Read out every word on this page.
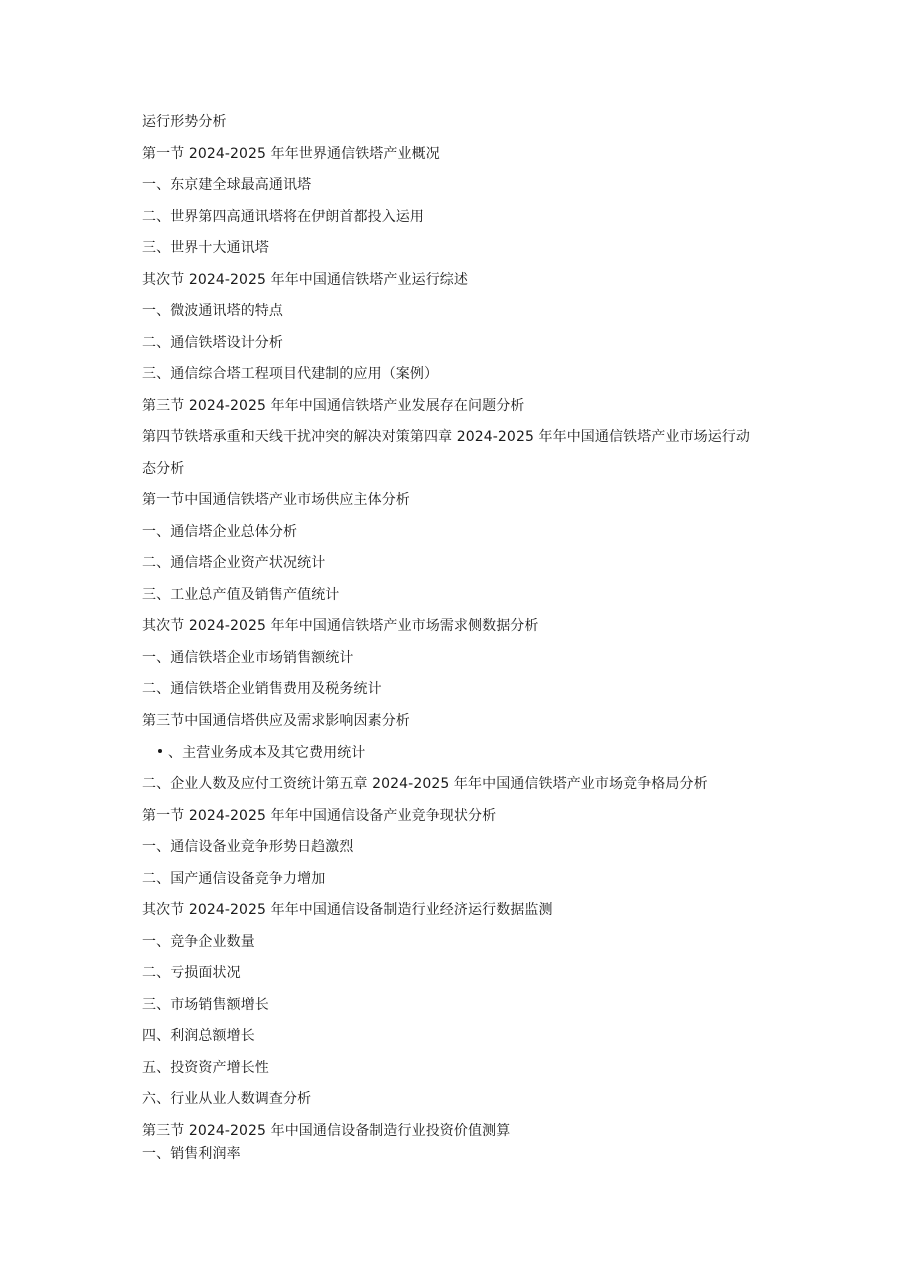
运行形势分析
第一节 2024-2025 年年世界通信铁塔产业概况
一、东京建全球最高通讯塔
二、世界第四高通讯塔将在伊朗首都投入运用
三、世界十大通讯塔
其次节 2024-2025 年年中国通信铁塔产业运行综述
一、微波通讯塔的特点
二、通信铁塔设计分析
三、通信综合塔工程项目代建制的应用（案例）
第三节 2024-2025 年年中国通信铁塔产业发展存在问题分析
第四节铁塔承重和天线干扰冲突的解决对策第四章 2024-2025 年年中国通信铁塔产业市场运行动
态分析
第一节中国通信铁塔产业市场供应主体分析
一、通信塔企业总体分析
二、通信塔企业资产状况统计
三、工业总产值及销售产值统计
其次节 2024-2025 年年中国通信铁塔产业市场需求侧数据分析
一、通信铁塔企业市场销售额统计
二、通信铁塔企业销售费用及税务统计
第三节中国通信塔供应及需求影响因素分析
、主营业务成本及其它费用统计
二、企业人数及应付工资统计第五章 2024-2025 年年中国通信铁塔产业市场竞争格局分析
第一节 2024-2025 年年中国通信设备产业竞争现状分析
一、通信设备业竞争形势日趋激烈
二、国产通信设备竞争力增加
其次节 2024-2025 年年中国通信设备制造行业经济运行数据监测
一、竞争企业数量
二、亏损面状况
三、市场销售额增长
四、利润总额增长
五、投资资产增长性
六、行业从业人数调查分析
第三节 2024-2025 年中国通信设备制造行业投资价值测算
一、销售利润率
